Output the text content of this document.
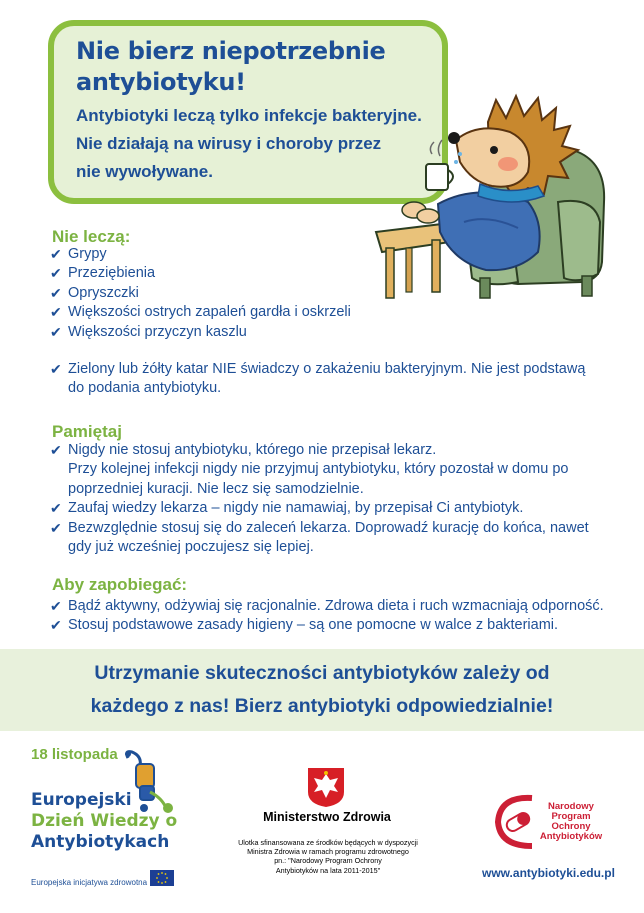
Nie bierz niepotrzebnie
antybiotyku!
Antybiotyki leczą tylko infekcje bakteryjne.
Nie działają na wirusy i choroby przez
nie wywoływane.
Nie leczą:
✔ Grypy
✔ Przeziębienia
✔ Opryszczki
✔ Większości ostrych zapaleń gardła i oskrzeli
✔ Większości przyczyn kaszlu
✔ Zielony lub żółty katar NIE świadczy o zakażeniu bakteryjnym. Nie jest podstawą
do podania antybiotyku.
Pamiętaj
✔ Nigdy nie stosuj antybiotyku, którego nie przepisał lekarz.
Przy kolejnej infekcji nigdy nie przyjmuj antybiotyku, który pozostał w domu po
poprzedniej kuracji. Nie lecz się samodzielnie.
✔ Zaufaj wiedzy lekarza – nigdy nie namawiaj, by przepisał Ci antybiotyk.
✔ Bezwzględnie stosuj się do zaleceń lekarza. Doprowadź kurację do końca, nawet
gdy już wcześniej poczujesz się lepiej.
Aby zapobiegać:
✔ Bądź aktywny, odżywiaj się racjonalnie. Zdrowa dieta i ruch wzmacniają odporność.
✔ Stosuj podstawowe zasady higieny – są one pomocne w walce z bakteriami.
Utrzymanie skuteczności antybiotyków zależy od
każdego z nas! Bierz antybiotyki odpowiedzialnie!
18 listopada
Europejski
Dzień Wiedzy o
Antybiotykach
Europejska inicjatywa zdrowotna
Ministerstwo Zdrowia
Ulotka sfinansowana ze środków będących w dyspozycji
Ministra Zdrowia w ramach programu zdrowotnego
pn.: "Narodowy Program Ochrony
Antybiotyków na lata 2011-2015"
Narodowy
Program
Ochrony
Antybiotyków
www.antybiotyki.edu.pl
